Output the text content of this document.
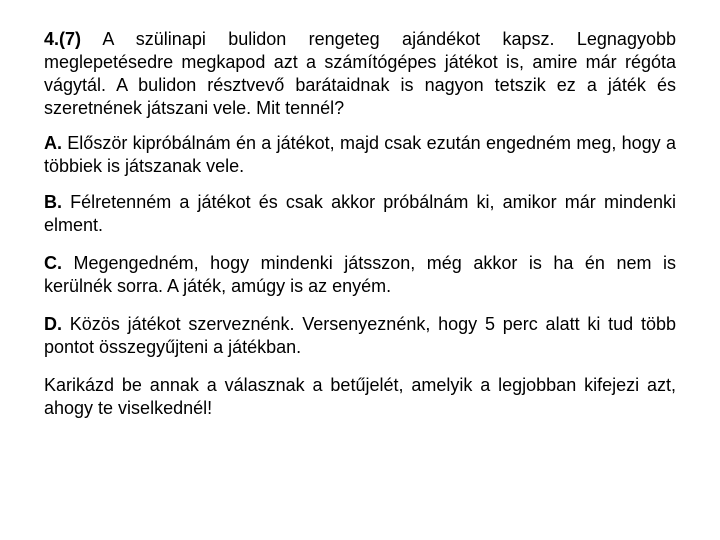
4.(7) A szülinapi bulidon rengeteg ajándékot kapsz. Legnagyobb meglepetésedre megkapod azt a számítógépes játékot is, amire már régóta vágytál. A bulidon résztvevő barátaidnak is nagyon tetszik ez a játék és szeretnének játszani vele. Mit tennél?

A. Először kipróbálnám én a játékot, majd csak ezután engedném meg, hogy a többiek is játszanak vele.

B. Félretenném a játékot és csak akkor próbálnám ki, amikor már mindenki elment.

C. Megengedném, hogy mindenki játsszon, még akkor is ha én nem is kerülnék sorra. A játék, amúgy is az enyém.

D. Közös játékot szerveznénk. Versenyeznénk, hogy 5 perc alatt ki tud több pontot összegyűjteni a játékban.

Karikázd be annak a válasznak a betűjelét, amelyik a legjobban kifejezi azt, ahogy te viselkednél!
